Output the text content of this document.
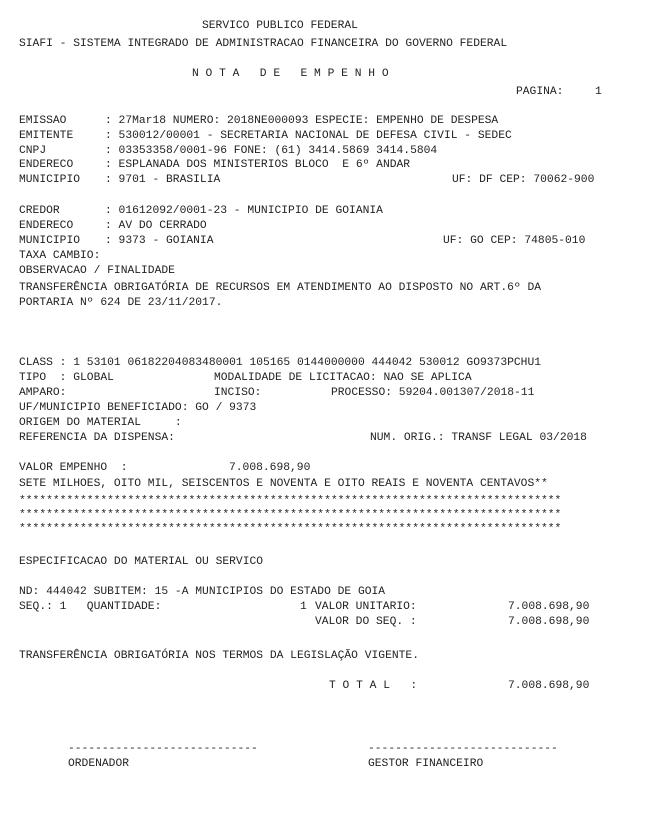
SERVICO PUBLICO FEDERAL
SIAFI - SISTEMA INTEGRADO DE ADMINISTRACAO FINANCEIRA DO GOVERNO FEDERAL
N O T A   D E   E M P E N H O
PAGINA:	1
EMISSAO	: 27Mar18 NUMERO: 2018NE000093 ESPECIE: EMPENHO DE DESPESA
EMITENTE	: 530012/00001 - SECRETARIA NACIONAL DE DEFESA CIVIL - SEDEC
CNPJ	: 03353358/0001-96 FONE: (61) 3414.5869 3414.5804
ENDERECO	: ESPLANADA DOS MINISTERIOS BLOCO  E 6º ANDAR
MUNICIPIO : 9701 - BRASILIA	UF: DF CEP: 70062-900
CREDOR	: 01612092/0001-23 - MUNICIPIO DE GOIANIA
ENDERECO	: AV DO CERRADO
MUNICIPIO : 9373 - GOIANIA	UF: GO CEP: 74805-010
TAXA CAMBIO:
OBSERVACAO / FINALIDADE
TRANSFERÊNCIA OBRIGATÓRIA DE RECURSOS EM ATENDIMENTO AO DISPOSTO NO ART.6º DA
PORTARIA Nº 624 DE 23/11/2017.
CLASS : 1 53101 06182204083480001 105165 0144000000 444042 530012 GO9373PCHU1
TIPO  : GLOBAL	MODALIDADE DE LICITACAO: NAO SE APLICA
AMPARO:	INCISO:	PROCESSO: 59204.001307/2018-11
UF/MUNICIPIO BENEFICIADO: GO / 9373
ORIGEM DO MATERIAL     :
REFERENCIA DA DISPENSA:	NUM. ORIG.: TRANSF LEGAL 03/2018
VALOR EMPENHO  :	7.008.698,90
SETE MILHOES, OITO MIL, SEISCENTOS E NOVENTA E OITO REAIS E NOVENTA CENTAVOS**
********************************************************************************
********************************************************************************
********************************************************************************
ESPECIFICACAO DO MATERIAL OU SERVICO
ND: 444042 SUBITEM: 15 -A MUNICIPIOS DO ESTADO DE GOIA
SEQ.: 1   QUANTIDADE:	1 VALOR UNITARIO:	7.008.698,90
VALOR DO SEQ. :	7.008.698,90
TRANSFERÊNCIA OBRIGATÓRIA NOS TERMOS DA LEGISLAÇÃO VIGENTE.
T O T A L   :	7.008.698,90
----------------------------	----------------------------
ORDENADOR	GESTOR FINANCEIRO
